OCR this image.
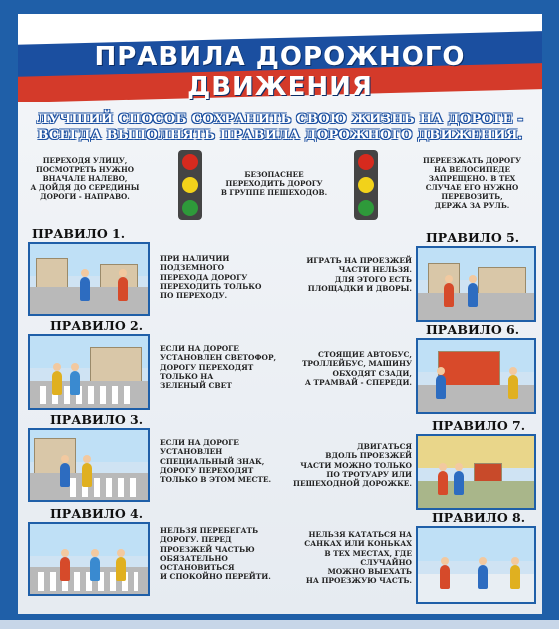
ПРАВИЛА ДОРОЖНОГО ДВИЖЕНИЯ
ЛУЧШИЙ СПОСОБ СОХРАНИТЬ СВОЮ ЖИЗНЬ НА ДОРОГЕ -
ВСЕГДА ВЫПОЛНЯТЬ ПРАВИЛА ДОРОЖНОГО ДВИЖЕНИЯ.
ПЕРЕХОДЯ УЛИЦУ,
ПОСМОТРЕТЬ НУЖНО
ВНАЧАЛЕ НАЛЕВО,
А ДОЙДЯ ДО СЕРЕДИНЫ
ДОРОГИ - НАПРАВО.
БЕЗОПАСНЕЕ
ПЕРЕХОДИТЬ ДОРОГУ
В ГРУППЕ ПЕШЕХОДОВ.
ПЕРЕЕЗЖАТЬ ДОРОГУ
НА ВЕЛОСИПЕДЕ
ЗАПРЕЩЕНО. В ТЕХ
СЛУЧАЕ ЕГО НУЖНО
ПЕРЕВОЗИТЬ,
ДЕРЖА ЗА РУЛЬ.
ПРАВИЛО 1.
ПРИ НАЛИЧИИ
ПОДЗЕМНОГО
ПЕРЕХОДА ДОРОГУ
ПЕРЕХОДИТЬ ТОЛЬКО
ПО ПЕРЕХОДУ.
ПРАВИЛО 2.
ЕСЛИ НА ДОРОГЕ
УСТАНОВЛЕН СВЕТОФОР,
ДОРОГУ ПЕРЕХОДЯТ
ТОЛЬКО НА
ЗЕЛЕНЫЙ СВЕТ
ПРАВИЛО 3.
ЕСЛИ НА ДОРОГЕ
УСТАНОВЛЕН
СПЕЦИАЛЬНЫЙ ЗНАК,
ДОРОГУ ПЕРЕХОДЯТ
ТОЛЬКО В ЭТОМ МЕСТЕ.
ПРАВИЛО 4.
НЕЛЬЗЯ ПЕРЕБЕГАТЬ
ДОРОГУ. ПЕРЕД
ПРОЕЗЖЕЙ ЧАСТЬЮ
ОБЯЗАТЕЛЬНО
ОСТАНОВИТЬСЯ
И СПОКОЙНО ПЕРЕЙТИ.
ПРАВИЛО 5.
ИГРАТЬ НА ПРОЕЗЖЕЙ
ЧАСТИ НЕЛЬЗЯ.
ДЛЯ ЭТОГО ЕСТЬ
ПЛОЩАДКИ И ДВОРЫ.
ПРАВИЛО 6.
СТОЯЩИЕ АВТОБУС,
ТРОЛЛЕЙБУС, МАШИНУ
ОБХОДЯТ СЗАДИ,
А ТРАМВАЙ - СПЕРЕДИ.
ПРАВИЛО 7.
ДВИГАТЬСЯ
ВДОЛЬ ПРОЕЗЖЕЙ
ЧАСТИ МОЖНО ТОЛЬКО
ПО ТРОТУАРУ ИЛИ
ПЕШЕХОДНОЙ ДОРОЖКЕ.
ПРАВИЛО 8.
НЕЛЬЗЯ КАТАТЬСЯ НА
САНКАХ ИЛИ КОНЬКАХ
В ТЕХ МЕСТАХ, ГДЕ
СЛУЧАЙНО
МОЖНО ВЫЕХАТЬ
НА ПРОЕЗЖУЮ ЧАСТЬ.
